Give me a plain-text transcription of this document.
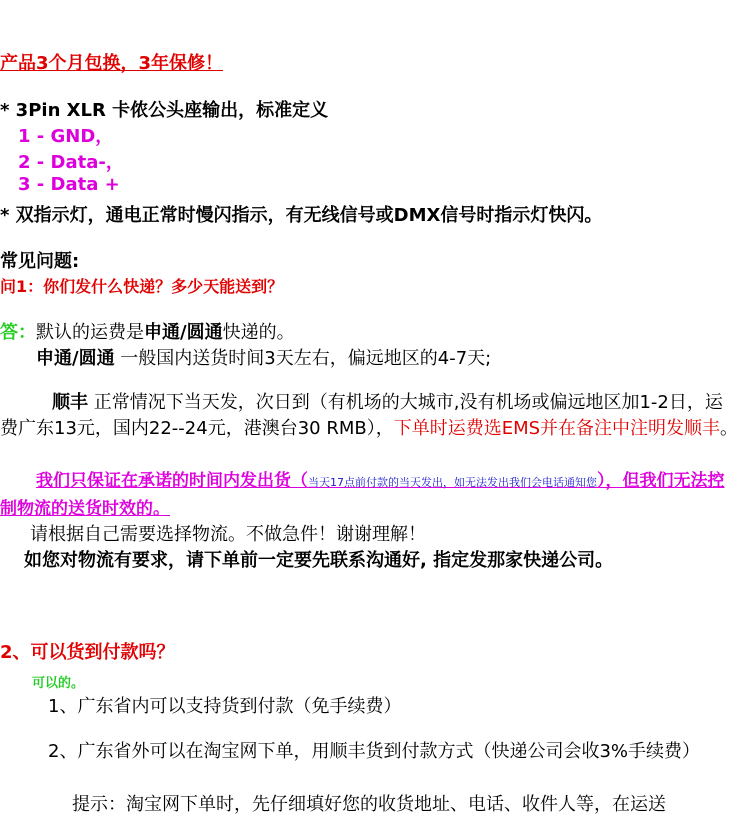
产品3个月包换，3年保修！
* 3Pin XLR 卡侬公头座输出，标准定义
1 - GND，
2 - Data-，
3 - Data +
* 双指示灯，通电正常时慢闪指示，有无线信号或DMX信号时指示灯快闪。
常见问题:
问1：你们发什么快递？多少天能送到？
答：默认的运费是申通/圆通快递的。
申通/圆通 一般国内送货时间3天左右，偏远地区的4-7天;
顺丰 正常情况下当天发，次日到（有机场的大城市,没有机场或偏远地区加1-2日，运费广东13元，国内22--24元，港澳台30 RMB），下单时运费选EMS并在备注中注明发顺丰。
我们只保证在承诺的时间内发出货（当天17点前付款的当天发出，如无法发出我们会电话通知您），但我们无法控制物流的送货时效的。
请根据自己需要选择物流。不做急件！谢谢理解！
如您对物流有要求，请下单前一定要先联系沟通好, 指定发那家快递公司。
2、可以货到付款吗？
可以的。
1、广东省内可以支持货到付款（免手续费）
2、广东省外可以在淘宝网下单，用顺丰货到付款方式（快递公司会收3%手续费）
提示：淘宝网下单时，先仔细填好您的收货地址、电话、收件人等，在运送
